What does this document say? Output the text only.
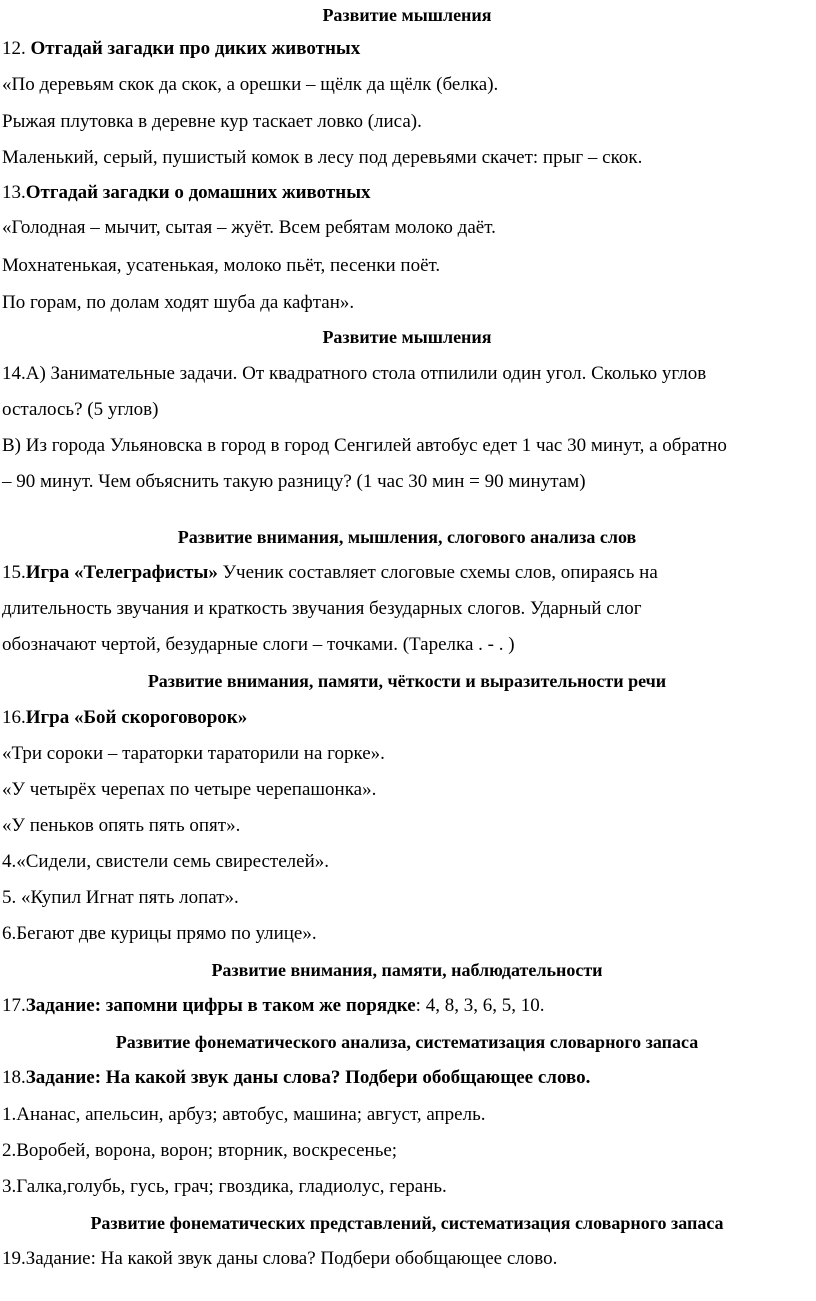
Развитие мышления
12. Отгадай загадки про диких животных
«По деревьям скок да скок, а орешки – щёлк да щёлк (белка).
Рыжая плутовка в деревне кур таскает ловко (лиса).
Маленький, серый, пушистый комок в лесу под деревьями скачет: прыг – скок.
13.Отгадай загадки о домашних животных
«Голодная – мычит, сытая – жуёт. Всем ребятам молоко даёт.
Мохнатенькая, усатенькая, молоко пьёт, песенки поёт.
По горам, по долам ходят шуба да кафтан».
Развитие мышления
14.А) Занимательные задачи. От квадратного стола отпилили один угол. Сколько углов
осталось? (5 углов)
В) Из города Ульяновска в город в город Сенгилей автобус едет 1 час 30 минут, а обратно
– 90 минут. Чем объяснить такую разницу? (1 час 30 мин = 90 минутам)
Развитие внимания, мышления, слогового анализа слов
15.Игра «Телеграфисты» Ученик составляет слоговые схемы слов, опираясь на
длительность звучания и краткость звучания безударных слогов. Ударный слог
обозначают чертой, безударные слоги – точками. (Тарелка . - . )
Развитие внимания, памяти, чёткости и выразительности речи
16.Игра «Бой скороговорок»
«Три сороки – тараторки тараторили на горке».
«У четырёх черепах по четыре черепашонка».
«У пеньков опять пять опят».
4.«Сидели, свистели семь свирестелей».
5. «Купил Игнат пять лопат».
6.Бегают две курицы прямо по улице».
Развитие внимания, памяти, наблюдательности
17.Задание: запомни цифры в таком же порядке: 4, 8, 3, 6, 5, 10.
Развитие фонематического анализа, систематизация словарного запаса
18.Задание: На какой звук даны слова? Подбери обобщающее слово.
1.Ананас, апельсин, арбуз; автобус, машина; август, апрель.
2.Воробей, ворона, ворон; вторник, воскресенье;
3.Галка,голубь, гусь, грач; гвоздика, гладиолус, герань.
Развитие фонематических представлений, систематизация словарного запаса
19.Задание: На какой звук даны слова? Подбери обобщающее слово.
